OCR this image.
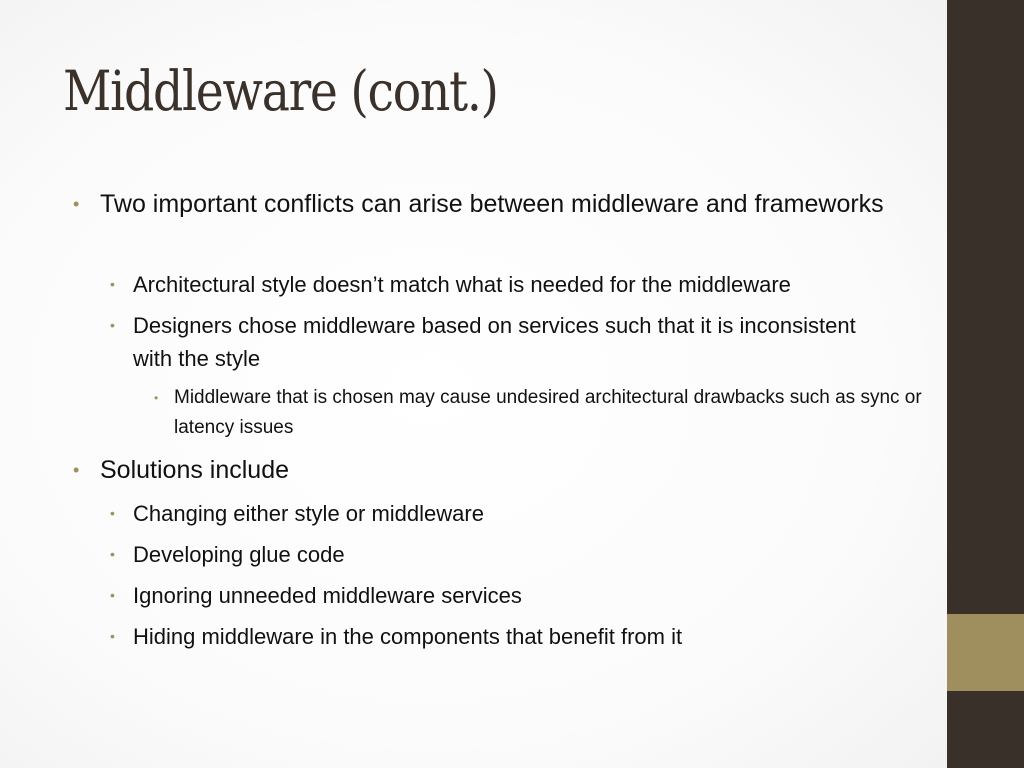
Middleware (cont.)

• Two important conflicts can arise between middleware and frameworks

• Architectural style doesn’t match what is needed for the middleware

• Designers chose middleware based on services such that it is inconsistent with the style

• Middleware that is chosen may cause undesired architectural drawbacks such as sync or latency issues

• Solutions include

• Changing either style or middleware

• Developing glue code

• Ignoring unneeded middleware services

• Hiding middleware in the components that benefit from it
